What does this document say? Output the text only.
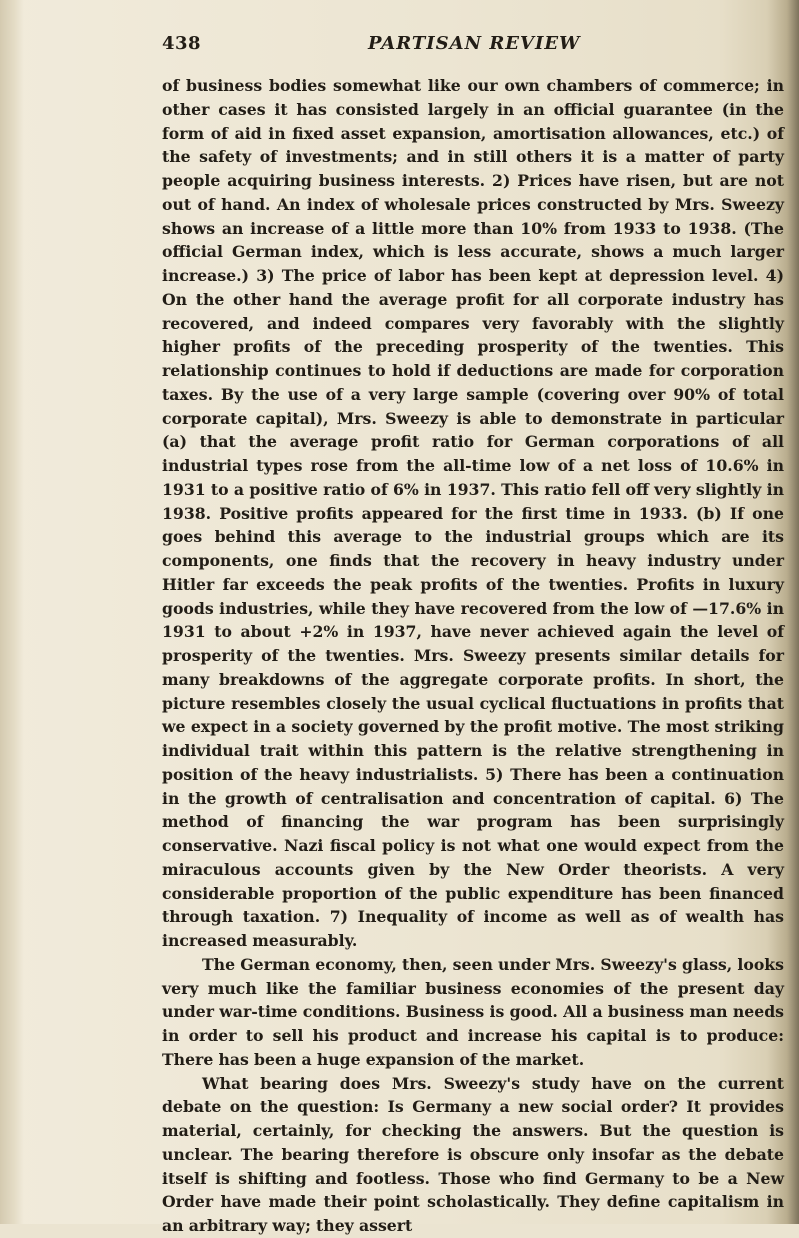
438	PARTISAN REVIEW

of business bodies somewhat like our own chambers of commerce; in other cases it has consisted largely in an official guarantee (in the form of aid in fixed asset expansion, amortisation allowances, etc.) of the safety of investments; and in still others it is a matter of party people acquiring business interests. 2) Prices have risen, but are not out of hand. An index of wholesale prices constructed by Mrs. Sweezy shows an increase of a little more than 10% from 1933 to 1938. (The official German index, which is less accurate, shows a much larger increase.) 3) The price of labor has been kept at depression level. 4) On the other hand the average profit for all corporate industry has recovered, and indeed compares very favorably with the slightly higher profits of the preceding prosperity of the twenties. This relationship continues to hold if deductions are made for corporation taxes. By the use of a very large sample (covering over 90% of total corporate capital), Mrs. Sweezy is able to demonstrate in particular (a) that the average profit ratio for German corporations of all industrial types rose from the all-time low of a net loss of 10.6% in 1931 to a positive ratio of 6% in 1937. This ratio fell off very slightly in 1938. Positive profits appeared for the first time in 1933. (b) If one goes behind this average to the industrial groups which are its components, one finds that the recovery in heavy industry under Hitler far exceeds the peak profits of the twenties. Profits in luxury goods industries, while they have recovered from the low of —17.6% in 1931 to about +2% in 1937, have never achieved again the level of prosperity of the twenties. Mrs. Sweezy presents similar details for many breakdowns of the aggregate corporate profits. In short, the picture resembles closely the usual cyclical fluctuations in profits that we expect in a society governed by the profit motive. The most striking individual trait within this pattern is the relative strengthening in position of the heavy industrialists. 5) There has been a continuation in the growth of centralisation and concentration of capital. 6) The method of financing the war program has been surprisingly conservative. Nazi fiscal policy is not what one would expect from the miraculous accounts given by the New Order theorists. A very considerable proportion of the public expenditure has been financed through taxation. 7) Inequality of income as well as of wealth has increased measurably.

The German economy, then, seen under Mrs. Sweezy's glass, looks very much like the familiar business economies of the present day under war-time conditions. Business is good. All a business man needs in order to sell his product and increase his capital is to produce: There has been a huge expansion of the market.

What bearing does Mrs. Sweezy's study have on the current debate on the question: Is Germany a new social order? It provides material, certainly, for checking the answers. But the question is unclear. The bearing therefore is obscure only insofar as the debate itself is shifting and footless. Those who find Germany to be a New Order have made their point scholastically. They define capitalism in an arbitrary way; they assert
